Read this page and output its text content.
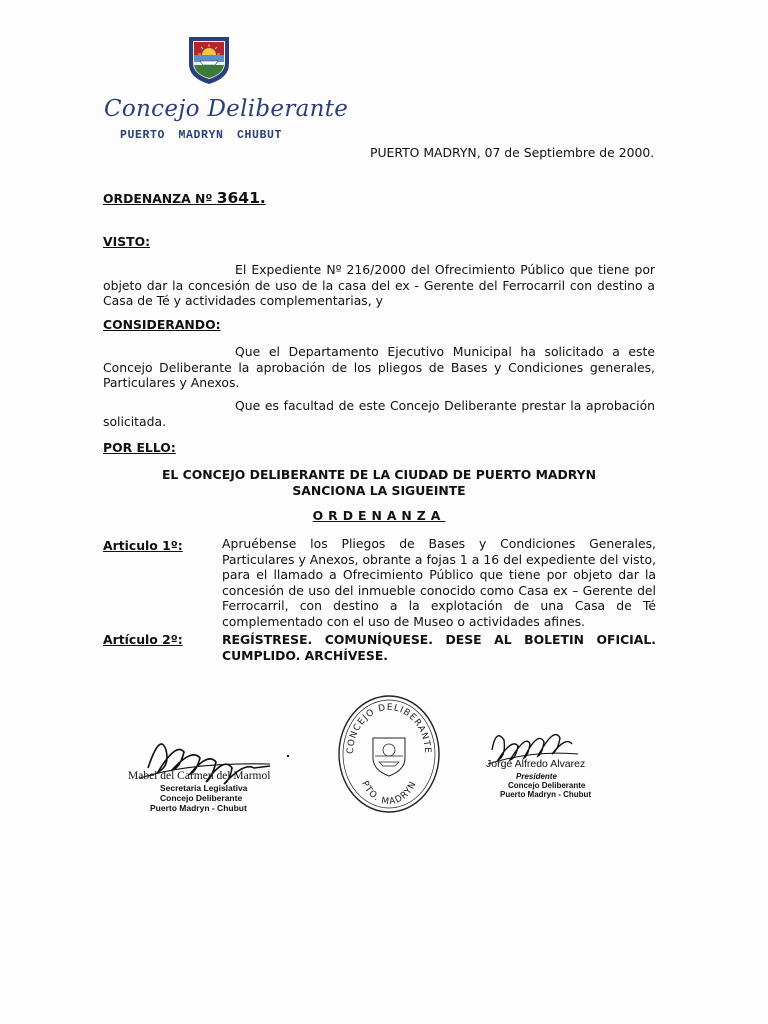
Concejo Deliberante
PUERTO MADRYN CHUBUT
PUERTO MADRYN, 07 de Septiembre de 2000.
ORDENANZA Nº 3641.
VISTO:
El Expediente Nº 216/2000 del Ofrecimiento Público que tiene por objeto dar la concesión de uso de la casa del ex - Gerente del Ferrocarril con destino a Casa de Té y actividades complementarias, y
CONSIDERANDO:
Que el Departamento Ejecutivo Municipal ha solicitado a este Concejo Deliberante la aprobación de los pliegos de Bases y Condiciones generales, Particulares y Anexos.
Que es facultad de este Concejo Deliberante prestar la aprobación solicitada.
POR ELLO:
EL CONCEJO DELIBERANTE DE LA CIUDAD DE PUERTO MADRYN
SANCIONA LA SIGUEINTE
ORDENANZA
Articulo 1º:	Apruébense los Pliegos de Bases y Condiciones Generales, Particulares y Anexos, obrante a fojas 1 a 16 del expediente del visto, para el llamado a Ofrecimiento Público que tiene por objeto dar la concesión de uso del inmueble conocido como Casa ex – Gerente del Ferrocarril, con destino a la explotación de una Casa de Té complementado con el uso de Museo o actividades afines.
Artículo 2º:	REGÍSTRESE. COMUNÍQUESE. DESE AL BOLETIN OFICIAL. CUMPLIDO. ARCHÍVESE.
Mabel del Carmen del Marmol
Secretaria Legislativa
Concejo Deliberante
Puerto Madryn - Chubut
CONCEJO DELIBERANTE
PTO. MADRYN
Jorge Alfredo Alvarez
Presidente
Concejo Deliberante
Puerto Madryn - Chubut
